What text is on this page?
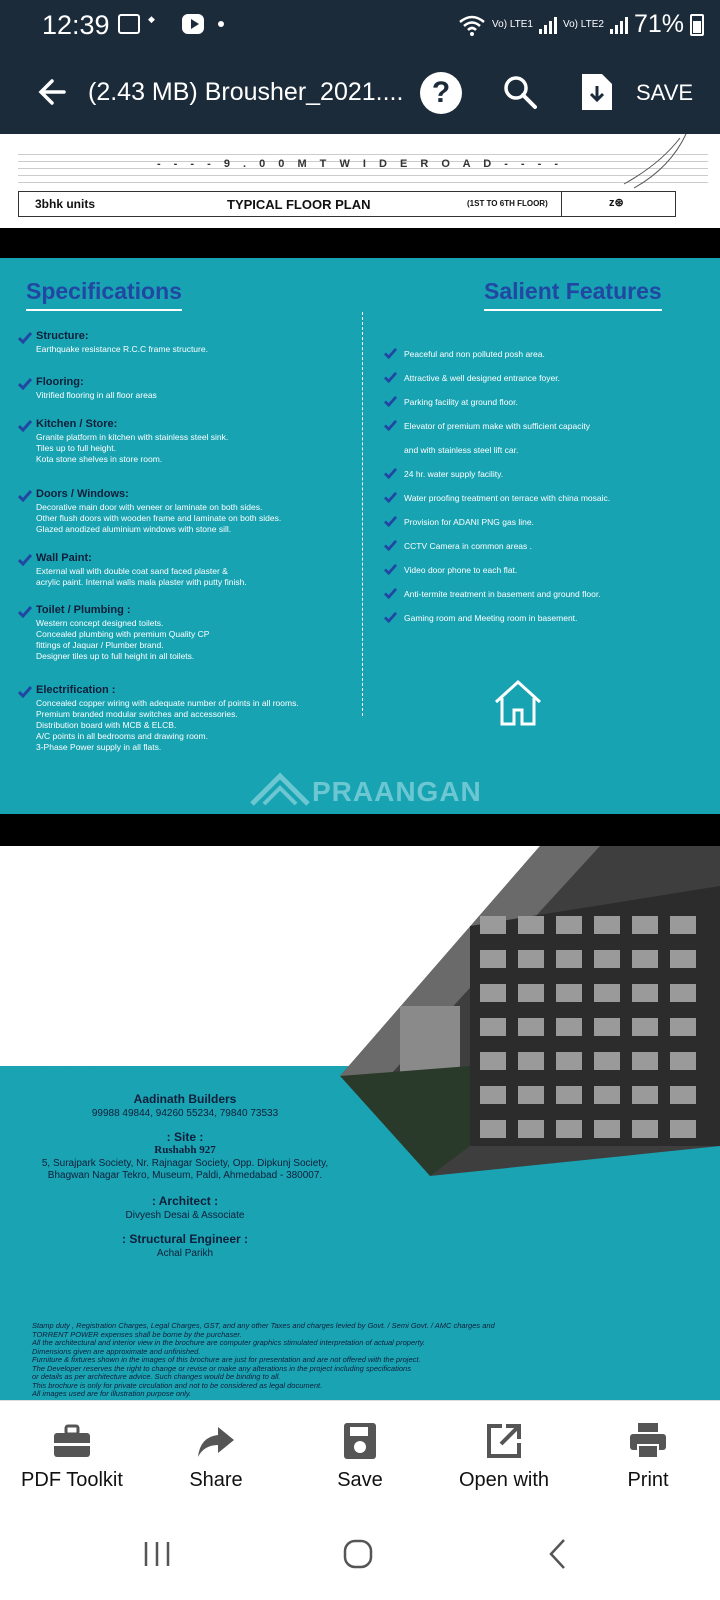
12:39	◆	Vo) LTE1	Vo) LTE2 71%
(2.43 MB) Brousher_2021.... ?	SAVE
- - - - 9 . 0 0 M T W I D E R O A D - - - -
3bhk units	TYPICAL FLOOR PLAN	(1ST TO 6TH FLOOR)	z⊛
Specifications	Salient Features
Structure:
Earthquake resistance R.C.C frame structure.
Flooring:
Vitrified flooring in all floor areas
Kitchen / Store:
Granite platform in kitchen with stainless steel sink.
Tiles up to full height.
Kota stone shelves in store room.
Doors / Windows:
Decorative main door with veneer or laminate on both sides.
Other flush doors with wooden frame and laminate on both sides.
Glazed anodized aluminium windows with stone sill.
Wall Paint:
External wall with double coat sand faced plaster &
acrylic paint. Internal walls mala plaster with putty finish.
Toilet / Plumbing :
Western concept designed toilets.
Concealed plumbing with premium Quality CP
fittings of Jaquar / Plumber brand.
Designer tiles up to full height in all toilets.
Electrification :
Concealed copper wiring with adequate number of points in all rooms.
Premium branded modular switches and accessories.
Distribution board with MCB & ELCB.
A/C points in all bedrooms and drawing room.
3-Phase Power supply in all flats.
Peaceful and non polluted posh area.
Attractive & well designed entrance foyer.
Parking facility at ground floor.
Elevator of premium make with sufficient capacity
and with stainless steel lift car.
24 hr. water supply facility.
Water proofing treatment on terrace with china mosaic.
Provision for ADANI PNG gas line.
CCTV Camera in common areas .
Video door phone to each flat.
Anti-termite treatment in basement and ground floor.
Gaming room and Meeting room in basement.
PRAANGAN
Aadinath Builders
99988 49844, 94260 55234, 79840 73533
: Site :
Rushabh 927
5, Surajpark Society, Nr. Rajnagar Society, Opp. Dipkunj Society,
Bhagwan Nagar Tekro, Museum, Paldi, Ahmedabad - 380007.
: Architect :
Divyesh Desai & Associate
: Structural Engineer :
Achal Parikh
Stamp duty , Registration Charges, Legal Charges, GST, and any other Taxes and charges levied by Govt. / Semi Govt. / AMC charges and
TORRENT POWER expenses shall be borne by the purchaser.
All the architectural and interior view in the brochure are computer graphics stimulated interpretation of actual property.
Dimensions given are approximate and unfinished.
Furniture & fixtures shown in the images of this brochure are just for presentation and are not offered with the project.
The Developer reserves the right to change or revise or make any alterations in the project including specifications
or details as per architecture advice. Such changes would be binding to all.
This brochure is only for private circulation and not to be considered as legal document.
All images used are for illustration purpose only.
PDF Toolkit	Share	Save	Open with	Print
